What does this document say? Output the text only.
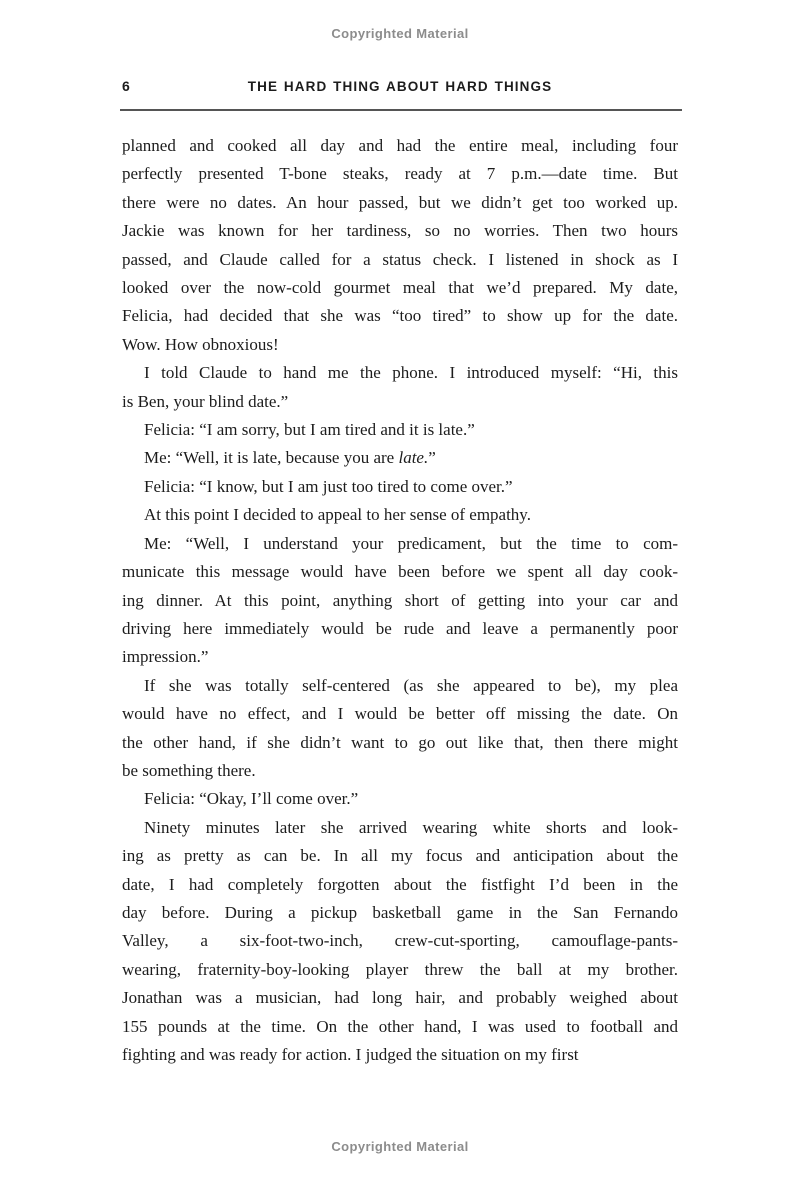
Copyrighted Material
6	THE HARD THING ABOUT HARD THINGS
planned and cooked all day and had the entire meal, including four
perfectly presented T-bone steaks, ready at 7 p.m.—date time. But
there were no dates. An hour passed, but we didn’t get too worked up.
Jackie was known for her tardiness, so no worries. Then two hours
passed, and Claude called for a status check. I listened in shock as I
looked over the now-cold gourmet meal that we’d prepared. My date,
Felicia, had decided that she was “too tired” to show up for the date.
Wow. How obnoxious!
I told Claude to hand me the phone. I introduced myself: “Hi, this
is Ben, your blind date.”
Felicia: “I am sorry, but I am tired and it is late.”
Me: “Well, it is late, because you are late.”
Felicia: “I know, but I am just too tired to come over.”
At this point I decided to appeal to her sense of empathy.
Me: “Well, I understand your predicament, but the time to com-
municate this message would have been before we spent all day cook-
ing dinner. At this point, anything short of getting into your car and
driving here immediately would be rude and leave a permanently poor
impression.”
If she was totally self-centered (as she appeared to be), my plea
would have no effect, and I would be better off missing the date. On
the other hand, if she didn’t want to go out like that, then there might
be something there.
Felicia: “Okay, I’ll come over.”
Ninety minutes later she arrived wearing white shorts and look-
ing as pretty as can be. In all my focus and anticipation about the
date, I had completely forgotten about the fistfight I’d been in the
day before. During a pickup basketball game in the San Fernando
Valley, a six-foot-two-inch, crew-cut-sporting, camouflage-pants-
wearing, fraternity-boy-looking player threw the ball at my brother.
Jonathan was a musician, had long hair, and probably weighed about
155 pounds at the time. On the other hand, I was used to football and
fighting and was ready for action. I judged the situation on my first
Copyrighted Material
